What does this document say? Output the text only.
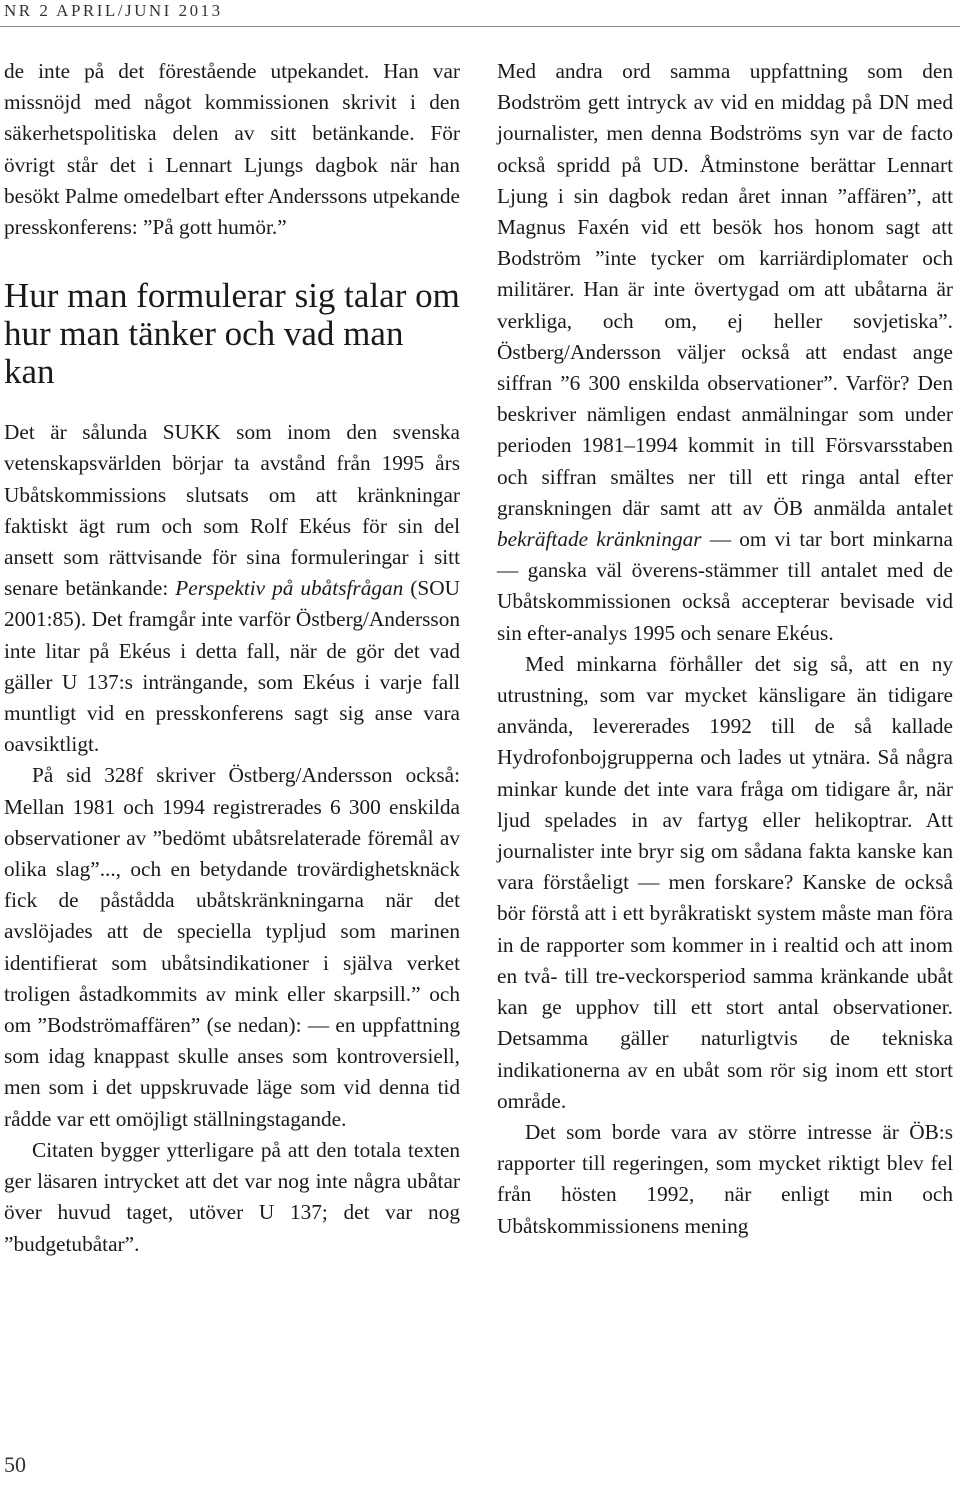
NR 2 APRIL/JUNI 2013

de inte på det förestående utpekandet. Han var missnöjd med något kommissionen skrivit i den säkerhetspolitiska delen av sitt betänkande. För övrigt står det i Lennart Ljungs dagbok när han besökt Palme omedelbart efter Anderssons utpekande presskonferens: ”På gott humör.”

Hur man formulerar sig talar om hur man tänker och vad man kan

Det är sålunda SUKK som inom den svenska vetenskapsvärlden börjar ta avstånd från 1995 års Ubåtskommissions slutsats om att kränkningar faktiskt ägt rum och som Rolf Ekéus för sin del ansett som rättvisande för sina formuleringar i sitt senare betänkande: Perspektiv på ubåtsfrågan (SOU 2001:85). Det framgår inte varför Östberg/Andersson inte litar på Ekéus i detta fall, när de gör det vad gäller U 137:s inträngande, som Ekéus i varje fall muntligt vid en presskonferens sagt sig anse vara oavsiktligt.

På sid 328f skriver Östberg/Andersson också: Mellan 1981 och 1994 registrerades 6 300 enskilda observationer av ”bedömt ubåtsrelaterade föremål av olika slag”..., och en betydande trovärdighetsknäck fick de påstådda ubåtskränkningarna när det avslöjades att de speciella typljud som marinen identifierat som ubåtsindikationer i själva verket troligen åstadkommits av mink eller skarpsill.” och om ”Bodströmaffären” (se nedan): — en uppfattning som idag knappast skulle anses som kontroversiell, men som i det uppskruvade läge som vid denna tid rådde var ett omöjligt ställningstagande.

Citaten bygger ytterligare på att den totala texten ger läsaren intrycket att det var nog inte några ubåtar över huvud taget, utöver U 137; det var nog ”budgetubåtar”.

Med andra ord samma uppfattning som den Bodström gett intryck av vid en middag på DN med journalister, men denna Bodströms syn var de facto också spridd på UD. Åtminstone berättar Lennart Ljung i sin dagbok redan året innan ”affären”, att Magnus Faxén vid ett besök hos honom sagt att Bodström ”inte tycker om karriärdiplomater och militärer. Han är inte övertygad om att ubåtarna är verkliga, och om, ej heller sovjetiska”. Östberg/Andersson väljer också att endast ange siffran ”6 300 enskilda observationer”. Varför? Den beskriver nämligen endast anmälningar som under perioden 1981–1994 kommit in till Försvarsstaben och siffran smältes ner till ett ringa antal efter granskningen där samt att av ÖB anmälda antalet bekräftade kränkningar — om vi tar bort minkarna — ganska väl överens-stämmer till antalet med de Ubåtskommissionen också accepterar bevisade vid sin efter-analys 1995 och senare Ekéus.

Med minkarna förhåller det sig så, att en ny utrustning, som var mycket känsligare än tidigare använda, levererades 1992 till de så kallade Hydrofonbojgrupperna och lades ut ytnära. Så några minkar kunde det inte vara fråga om tidigare år, när ljud spelades in av fartyg eller helikoptrar. Att journalister inte bryr sig om sådana fakta kanske kan vara förståeligt — men forskare? Kanske de också bör förstå att i ett byråkratiskt system måste man föra in de rapporter som kommer in i realtid och att inom en två- till tre-veckorsperiod samma kränkande ubåt kan ge upphov till ett stort antal observationer. Detsamma gäller naturligtvis de tekniska indikationerna av en ubåt som rör sig inom ett stort område.

Det som borde vara av större intresse är ÖB:s rapporter till regeringen, som mycket riktigt blev fel från hösten 1992, när enligt min och Ubåtskommissionens mening

50
